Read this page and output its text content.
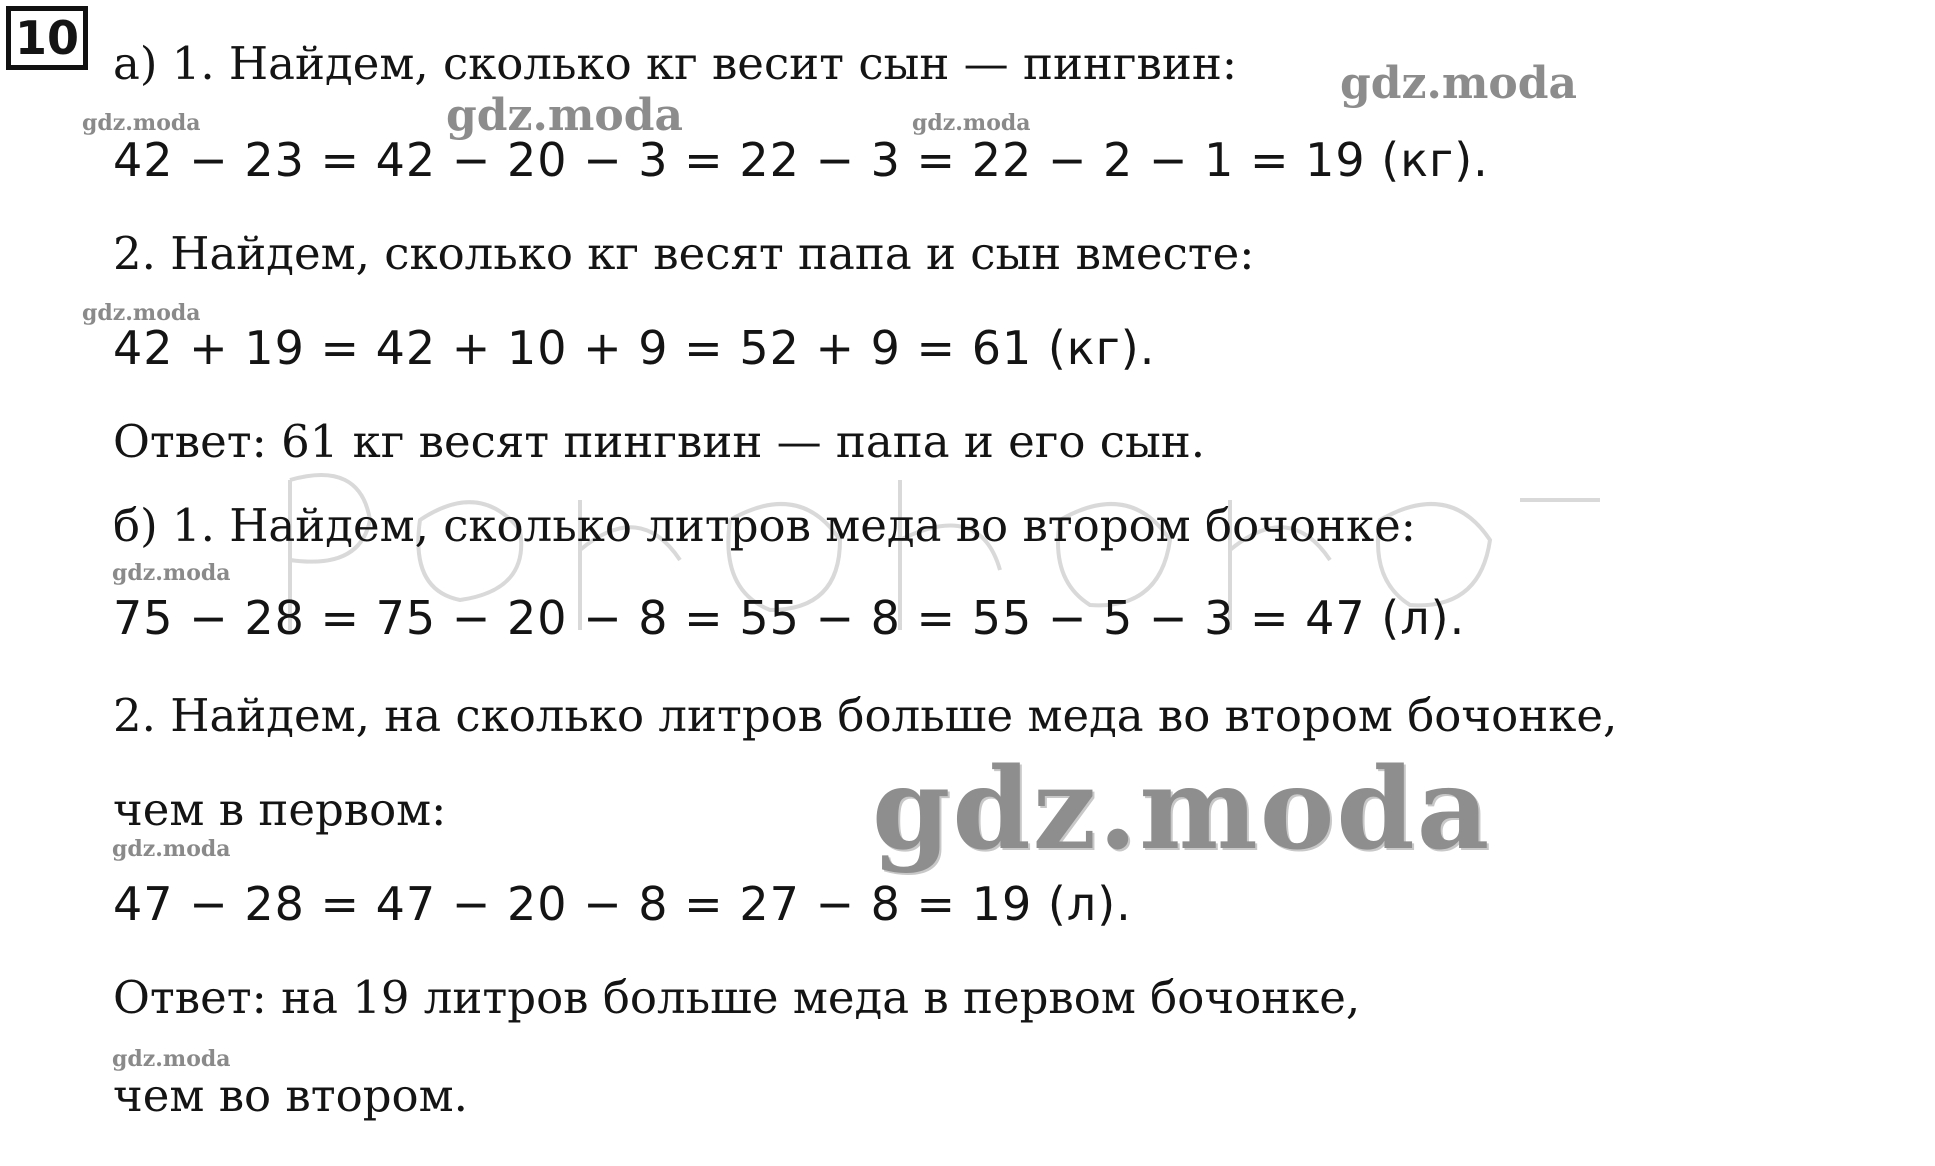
10 а) 1. Найдем, сколько кг весит сын — пингвин:
42 − 23 = 42 − 20 − 3 = 22 − 3 = 22 − 2 − 1 = 19 (кг).
2. Найдем, сколько кг весят папа и сын вместе:
42 + 19 = 42 + 10 + 9 = 52 + 9 = 61 (кг).
Ответ: 61 кг весят пингвин — папа и его сын.
б) 1. Найдем, сколько литров меда во втором бочонке:
75 − 28 = 75 − 20 − 8 = 55 − 8 = 55 − 5 − 3 = 47 (л).
2. Найдем, на сколько литров больше меда во втором бочонке,
чем в первом:
47 − 28 = 47 − 20 − 8 = 27 − 8 = 19 (л).
Ответ: на 19 литров больше меда в первом бочонке,
чем во втором.
gdz.moda
gdz.moda
gdz.moda	gdz.moda
gdz.moda
gdz.moda
gdz.moda
gdz.moda
gdz.moda
